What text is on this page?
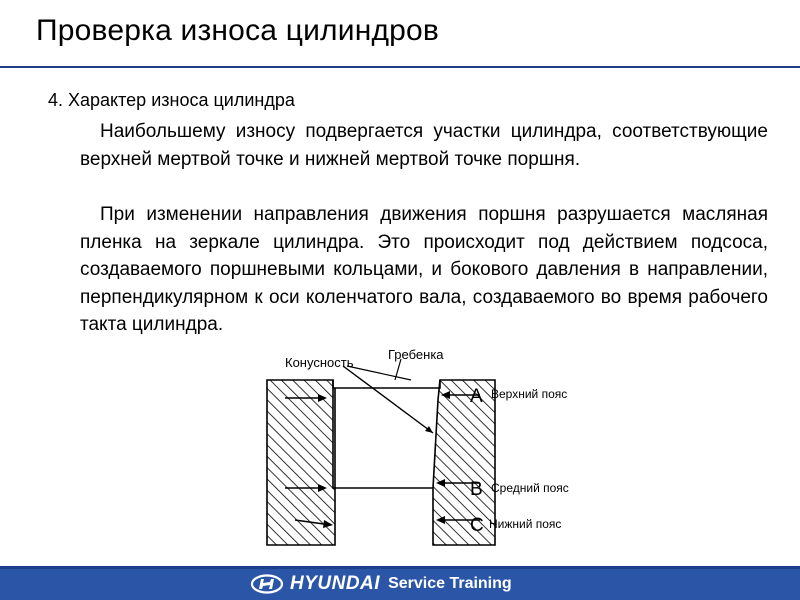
Проверка износа цилиндров
4. Характер износа цилиндра
Наибольшему износу подвергается участки цилиндра, соответствующие верхней мертвой точке и нижней мертвой точке поршня.
При изменении направления движения поршня разрушается масляная пленка на зеркале цилиндра. Это происходит под действием подсоса, создаваемого поршневыми кольцами, и бокового давления в направлении, перпендикулярном к оси коленчатого вала, создаваемого во время рабочего такта цилиндра.
Конусность
Гребенка
A
B
C
Верхний пояс
Средний пояс
Нижний пояс
HYUNDAI Service Training
